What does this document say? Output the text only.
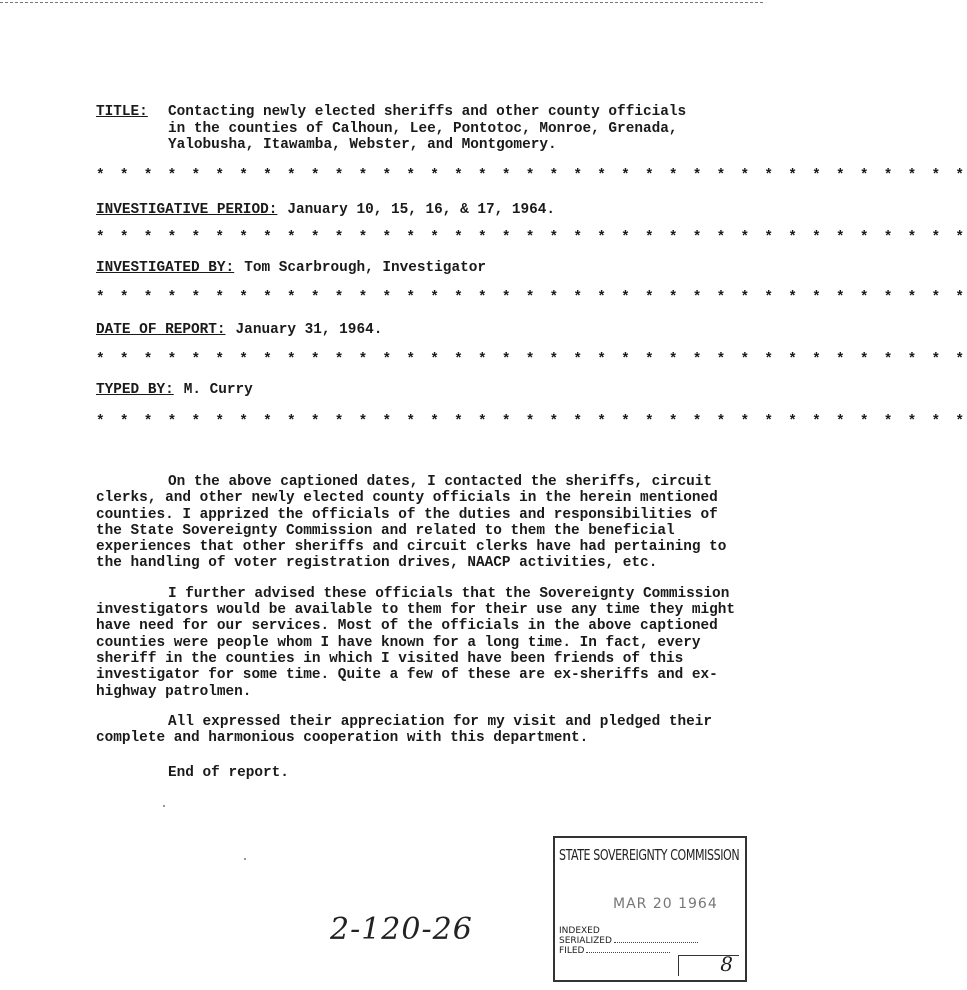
TITLE: Contacting newly elected sheriffs and other county officials
in the counties of Calhoun, Lee, Pontotoc, Monroe, Grenada,
Yalobusha, Itawamba, Webster, and Montgomery.
* * * * * * * * * * * * * * * * * * * * * * * * * * * * * * * * * * * * *
INVESTIGATIVE PERIOD: January 10, 15, 16, & 17, 1964.
* * * * * * * * * * * * * * * * * * * * * * * * * * * * * * * * * * * * *
INVESTIGATED BY: Tom Scarbrough, Investigator
* * * * * * * * * * * * * * * * * * * * * * * * * * * * * * * * * * * * *
DATE OF REPORT: January 31, 1964.
* * * * * * * * * * * * * * * * * * * * * * * * * * * * * * * * * * * * *
TYPED BY: M. Curry
* * * * * * * * * * * * * * * * * * * * * * * * * * * * * * * * * * * * *

On the above captioned dates, I contacted the sheriffs, circuit clerks, and other newly elected county officials in the herein mentioned counties. I apprized the officials of the duties and responsibilities of the State Sovereignty Commission and related to them the beneficial experiences that other sheriffs and circuit clerks have had pertaining to the handling of voter registration drives, NAACP activities, etc.

I further advised these officials that the Sovereignty Commission investigators would be available to them for their use any time they might have need for our services. Most of the officials in the above captioned counties were people whom I have known for a long time. In fact, every sheriff in the counties in which I visited have been friends of this investigator for some time. Quite a few of these are ex-sheriffs and ex-highway patrolmen.

All expressed their appreciation for my visit and pledged their complete and harmonious cooperation with this department.

End of report.
2-120-26
STATE SOVEREIGNTY COMMISSION
MAR 20 1964
INDEXED
SERIALIZED
FILED
8
